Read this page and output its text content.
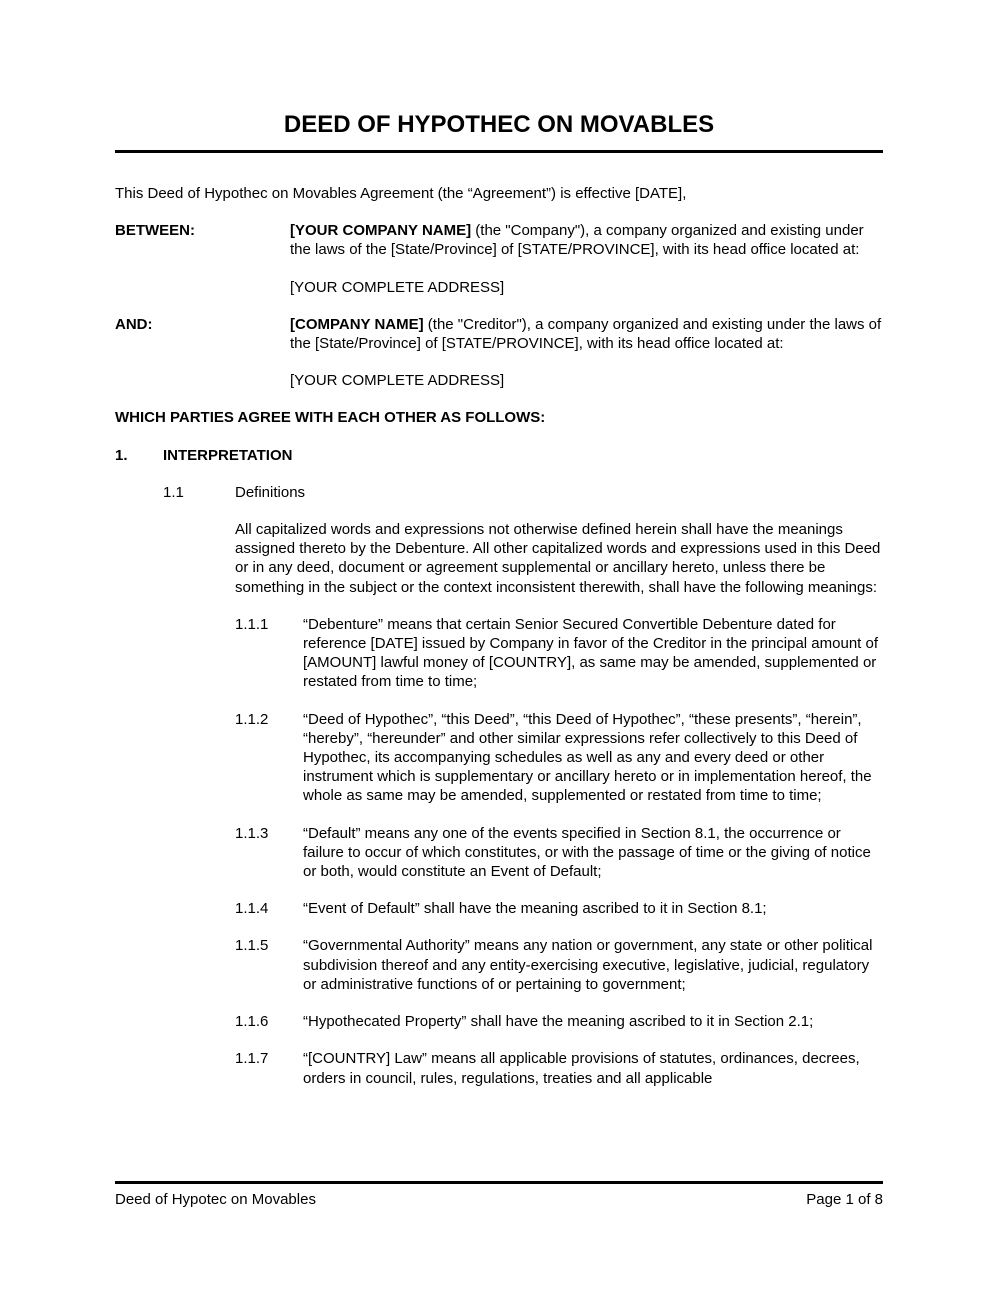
DEED OF HYPOTHEC ON MOVABLES

This Deed of Hypothec on Movables Agreement (the “Agreement”) is effective [DATE],

BETWEEN:	[YOUR COMPANY NAME] (the "Company"), a company organized and existing under the laws of the [State/Province] of [STATE/PROVINCE], with its head office located at:

[YOUR COMPLETE ADDRESS]

AND:	[COMPANY NAME] (the "Creditor"), a company organized and existing under the laws of the [State/Province] of [STATE/PROVINCE], with its head office located at:

[YOUR COMPLETE ADDRESS]

WHICH PARTIES AGREE WITH EACH OTHER AS FOLLOWS:

1.	INTERPRETATION
1.1	Definitions

All capitalized words and expressions not otherwise defined herein shall have the meanings assigned thereto by the Debenture. All other capitalized words and expressions used in this Deed or in any deed, document or agreement supplemental or ancillary hereto, unless there be something in the subject or the context inconsistent therewith, shall have the following meanings:

1.1.1	“Debenture” means that certain Senior Secured Convertible Debenture dated for reference [DATE] issued by Company in favor of the Creditor in the principal amount of [AMOUNT] lawful money of [COUNTRY], as same may be amended, supplemented or restated from time to time;
1.1.2	“Deed of Hypothec”, “this Deed”, “this Deed of Hypothec”, “these presents”, “herein”, “hereby”, “hereunder” and other similar expressions refer collectively to this Deed of Hypothec, its accompanying schedules as well as any and every deed or other instrument which is supplementary or ancillary hereto or in implementation hereof, the whole as same may be amended, supplemented or restated from time to time;
1.1.3	“Default” means any one of the events specified in Section 8.1, the occurrence or failure to occur of which constitutes, or with the passage of time or the giving of notice or both, would constitute an Event of Default;
1.1.4	“Event of Default” shall have the meaning ascribed to it in Section 8.1;
1.1.5	“Governmental Authority” means any nation or government, any state or other political subdivision thereof and any entity-exercising executive, legislative, judicial, regulatory or administrative functions of or pertaining to government;
1.1.6	“Hypothecated Property” shall have the meaning ascribed to it in Section 2.1;
1.1.7	“[COUNTRY] Law” means all applicable provisions of statutes, ordinances, decrees, orders in council, rules, regulations, treaties and all applicable
Deed of Hypotec on Movables	Page 1 of 8
